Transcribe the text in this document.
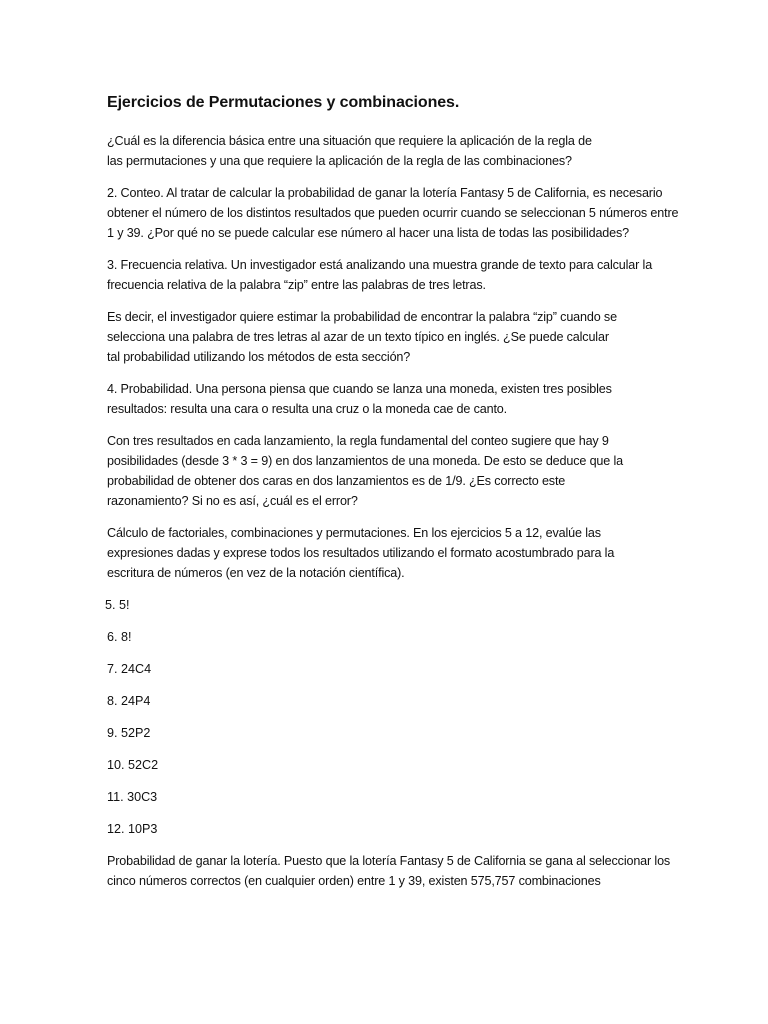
Ejercicios de Permutaciones y combinaciones.

¿Cuál es la diferencia básica entre una situación que requiere la aplicación de la regla de las permutaciones y una que requiere la aplicación de la regla de las combinaciones?

2. Conteo. Al tratar de calcular la probabilidad de ganar la lotería Fantasy 5 de California, es necesario obtener el número de los distintos resultados que pueden ocurrir cuando se seleccionan 5 números entre 1 y 39. ¿Por qué no se puede calcular ese número al hacer una lista de todas las posibilidades?

3. Frecuencia relativa. Un investigador está analizando una muestra grande de texto para calcular la frecuencia relativa de la palabra “zip” entre las palabras de tres letras.

Es decir, el investigador quiere estimar la probabilidad de encontrar la palabra “zip” cuando se selecciona una palabra de tres letras al azar de un texto típico en inglés. ¿Se puede calcular tal probabilidad utilizando los métodos de esta sección?

4. Probabilidad. Una persona piensa que cuando se lanza una moneda, existen tres posibles resultados: resulta una cara o resulta una cruz o la moneda cae de canto.

Con tres resultados en cada lanzamiento, la regla fundamental del conteo sugiere que hay 9 posibilidades (desde 3 * 3 = 9) en dos lanzamientos de una moneda. De esto se deduce que la probabilidad de obtener dos caras en dos lanzamientos es de 1/9. ¿Es correcto este razonamiento? Si no es así, ¿cuál es el error?

Cálculo de factoriales, combinaciones y permutaciones. En los ejercicios 5 a 12, evalúe las expresiones dadas y exprese todos los resultados utilizando el formato acostumbrado para la escritura de números (en vez de la notación científica).

5. 5!
6. 8!
7. 24C4
8. 24P4
9. 52P2
10. 52C2
11. 30C3
12. 10P3

Probabilidad de ganar la lotería. Puesto que la lotería Fantasy 5 de California se gana al seleccionar los cinco números correctos (en cualquier orden) entre 1 y 39, existen 575,757 combinaciones
